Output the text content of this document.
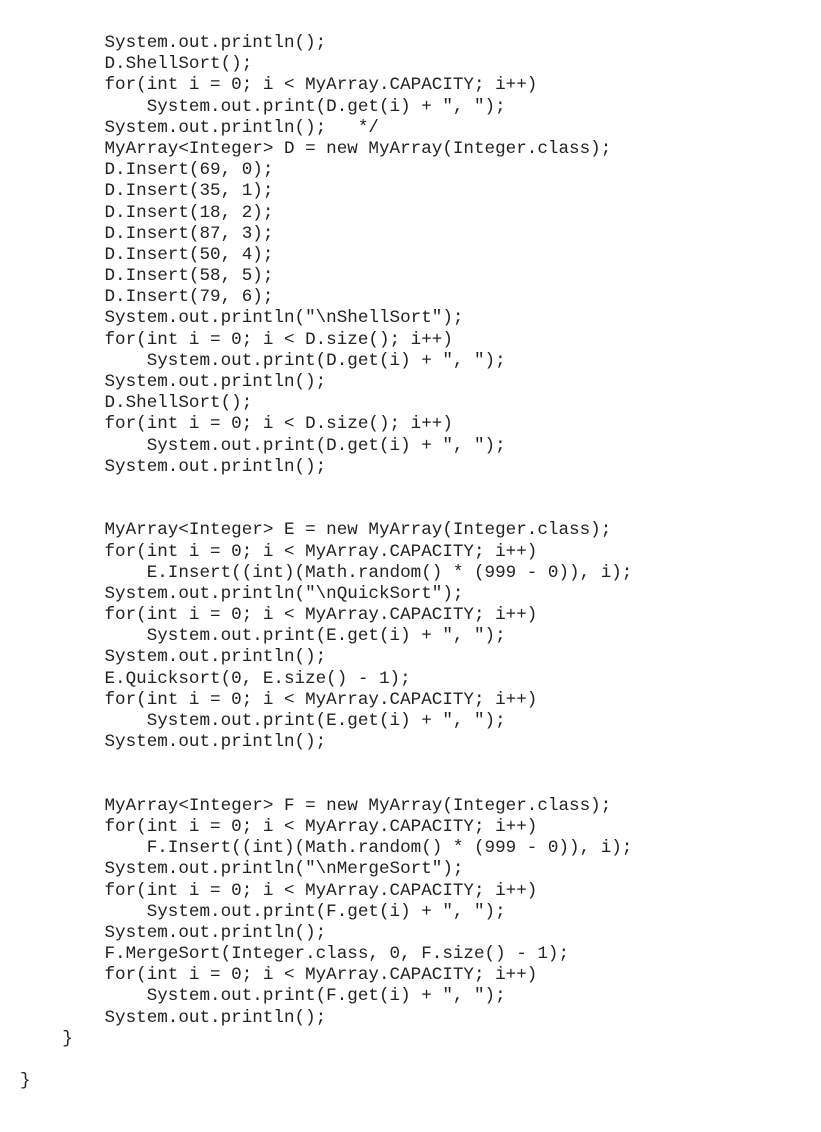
System.out.println();
D.ShellSort();
for(int i = 0; i < MyArray.CAPACITY; i++)
System.out.print(D.get(i) + ", ");
System.out.println();   */
MyArray<Integer> D = new MyArray(Integer.class);
D.Insert(69, 0);
D.Insert(35, 1);
D.Insert(18, 2);
D.Insert(87, 3);
D.Insert(50, 4);
D.Insert(58, 5);
D.Insert(79, 6);
System.out.println("\nShellSort");
for(int i = 0; i < D.size(); i++)
System.out.print(D.get(i) + ", ");
System.out.println();
D.ShellSort();
for(int i = 0; i < D.size(); i++)
System.out.print(D.get(i) + ", ");
System.out.println();
MyArray<Integer> E = new MyArray(Integer.class);
for(int i = 0; i < MyArray.CAPACITY; i++)
E.Insert((int)(Math.random() * (999 - 0)), i);
System.out.println("\nQuickSort");
for(int i = 0; i < MyArray.CAPACITY; i++)
System.out.print(E.get(i) + ", ");
System.out.println();
E.Quicksort(0, E.size() - 1);
for(int i = 0; i < MyArray.CAPACITY; i++)
System.out.print(E.get(i) + ", ");
System.out.println();
MyArray<Integer> F = new MyArray(Integer.class);
for(int i = 0; i < MyArray.CAPACITY; i++)
F.Insert((int)(Math.random() * (999 - 0)), i);
System.out.println("\nMergeSort");
for(int i = 0; i < MyArray.CAPACITY; i++)
System.out.print(F.get(i) + ", ");
System.out.println();
F.MergeSort(Integer.class, 0, F.size() - 1);
for(int i = 0; i < MyArray.CAPACITY; i++)
System.out.print(F.get(i) + ", ");
System.out.println();
}
}
